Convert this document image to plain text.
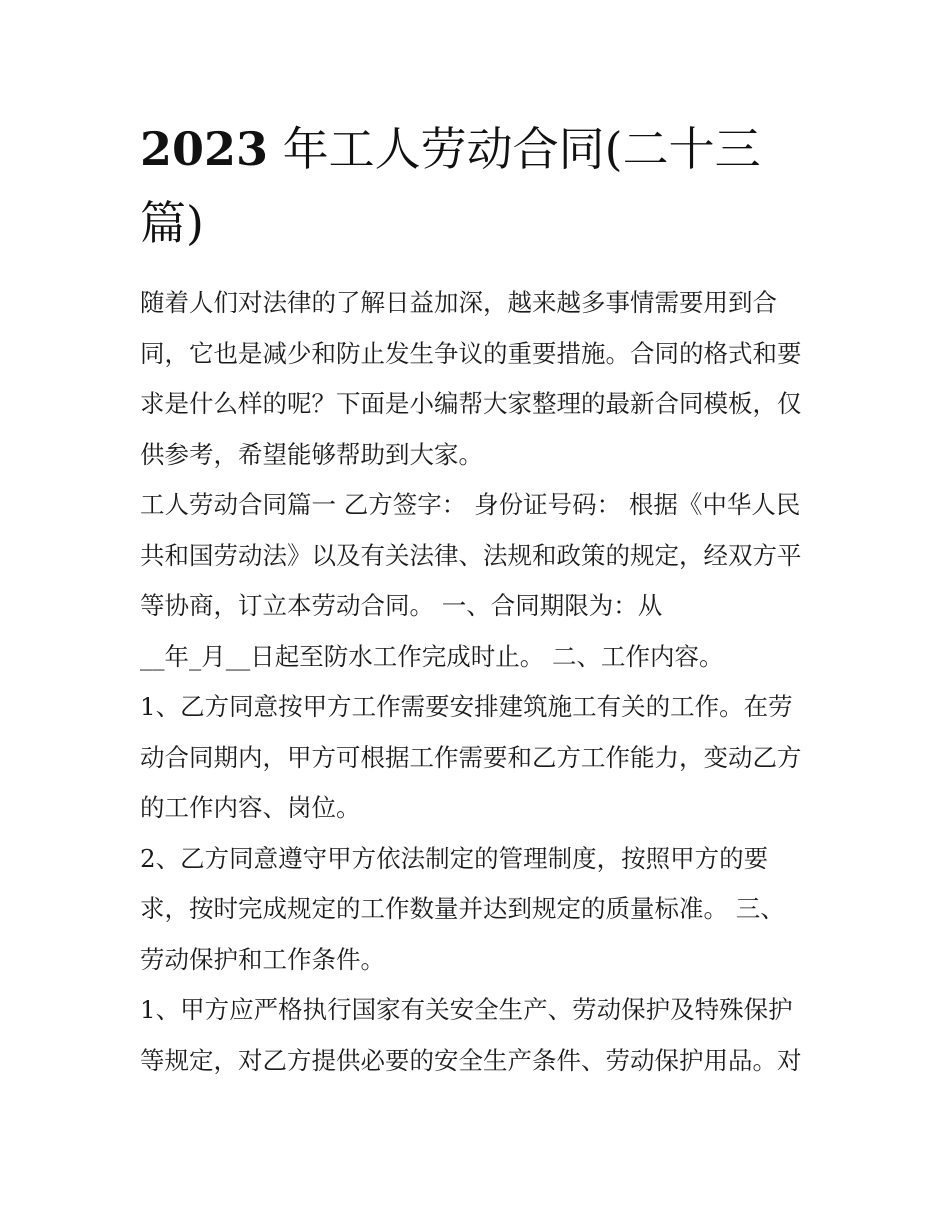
2023 年工人劳动合同(二十三
篇)

随着人们对法律的了解日益加深，越来越多事情需要用到合
同，它也是减少和防止发生争议的重要措施。合同的格式和要
求是什么样的呢？下面是小编帮大家整理的最新合同模板，仅
供参考，希望能够帮助到大家。

工人劳动合同篇一 乙方签字： 身份证号码： 根据《中华人民
共和国劳动法》以及有关法律、法规和政策的规定，经双方平
等协商，订立本劳动合同。 一、合同期限为：从
__年_月__日起至防水工作完成时止。 二、工作内容。

1、乙方同意按甲方工作需要安排建筑施工有关的工作。在劳
动合同期内，甲方可根据工作需要和乙方工作能力，变动乙方
的工作内容、岗位。

2、乙方同意遵守甲方依法制定的管理制度，按照甲方的要
求，按时完成规定的工作数量并达到规定的质量标准。 三、
劳动保护和工作条件。

1、甲方应严格执行国家有关安全生产、劳动保护及特殊保护
等规定，对乙方提供必要的安全生产条件、劳动保护用品。对
